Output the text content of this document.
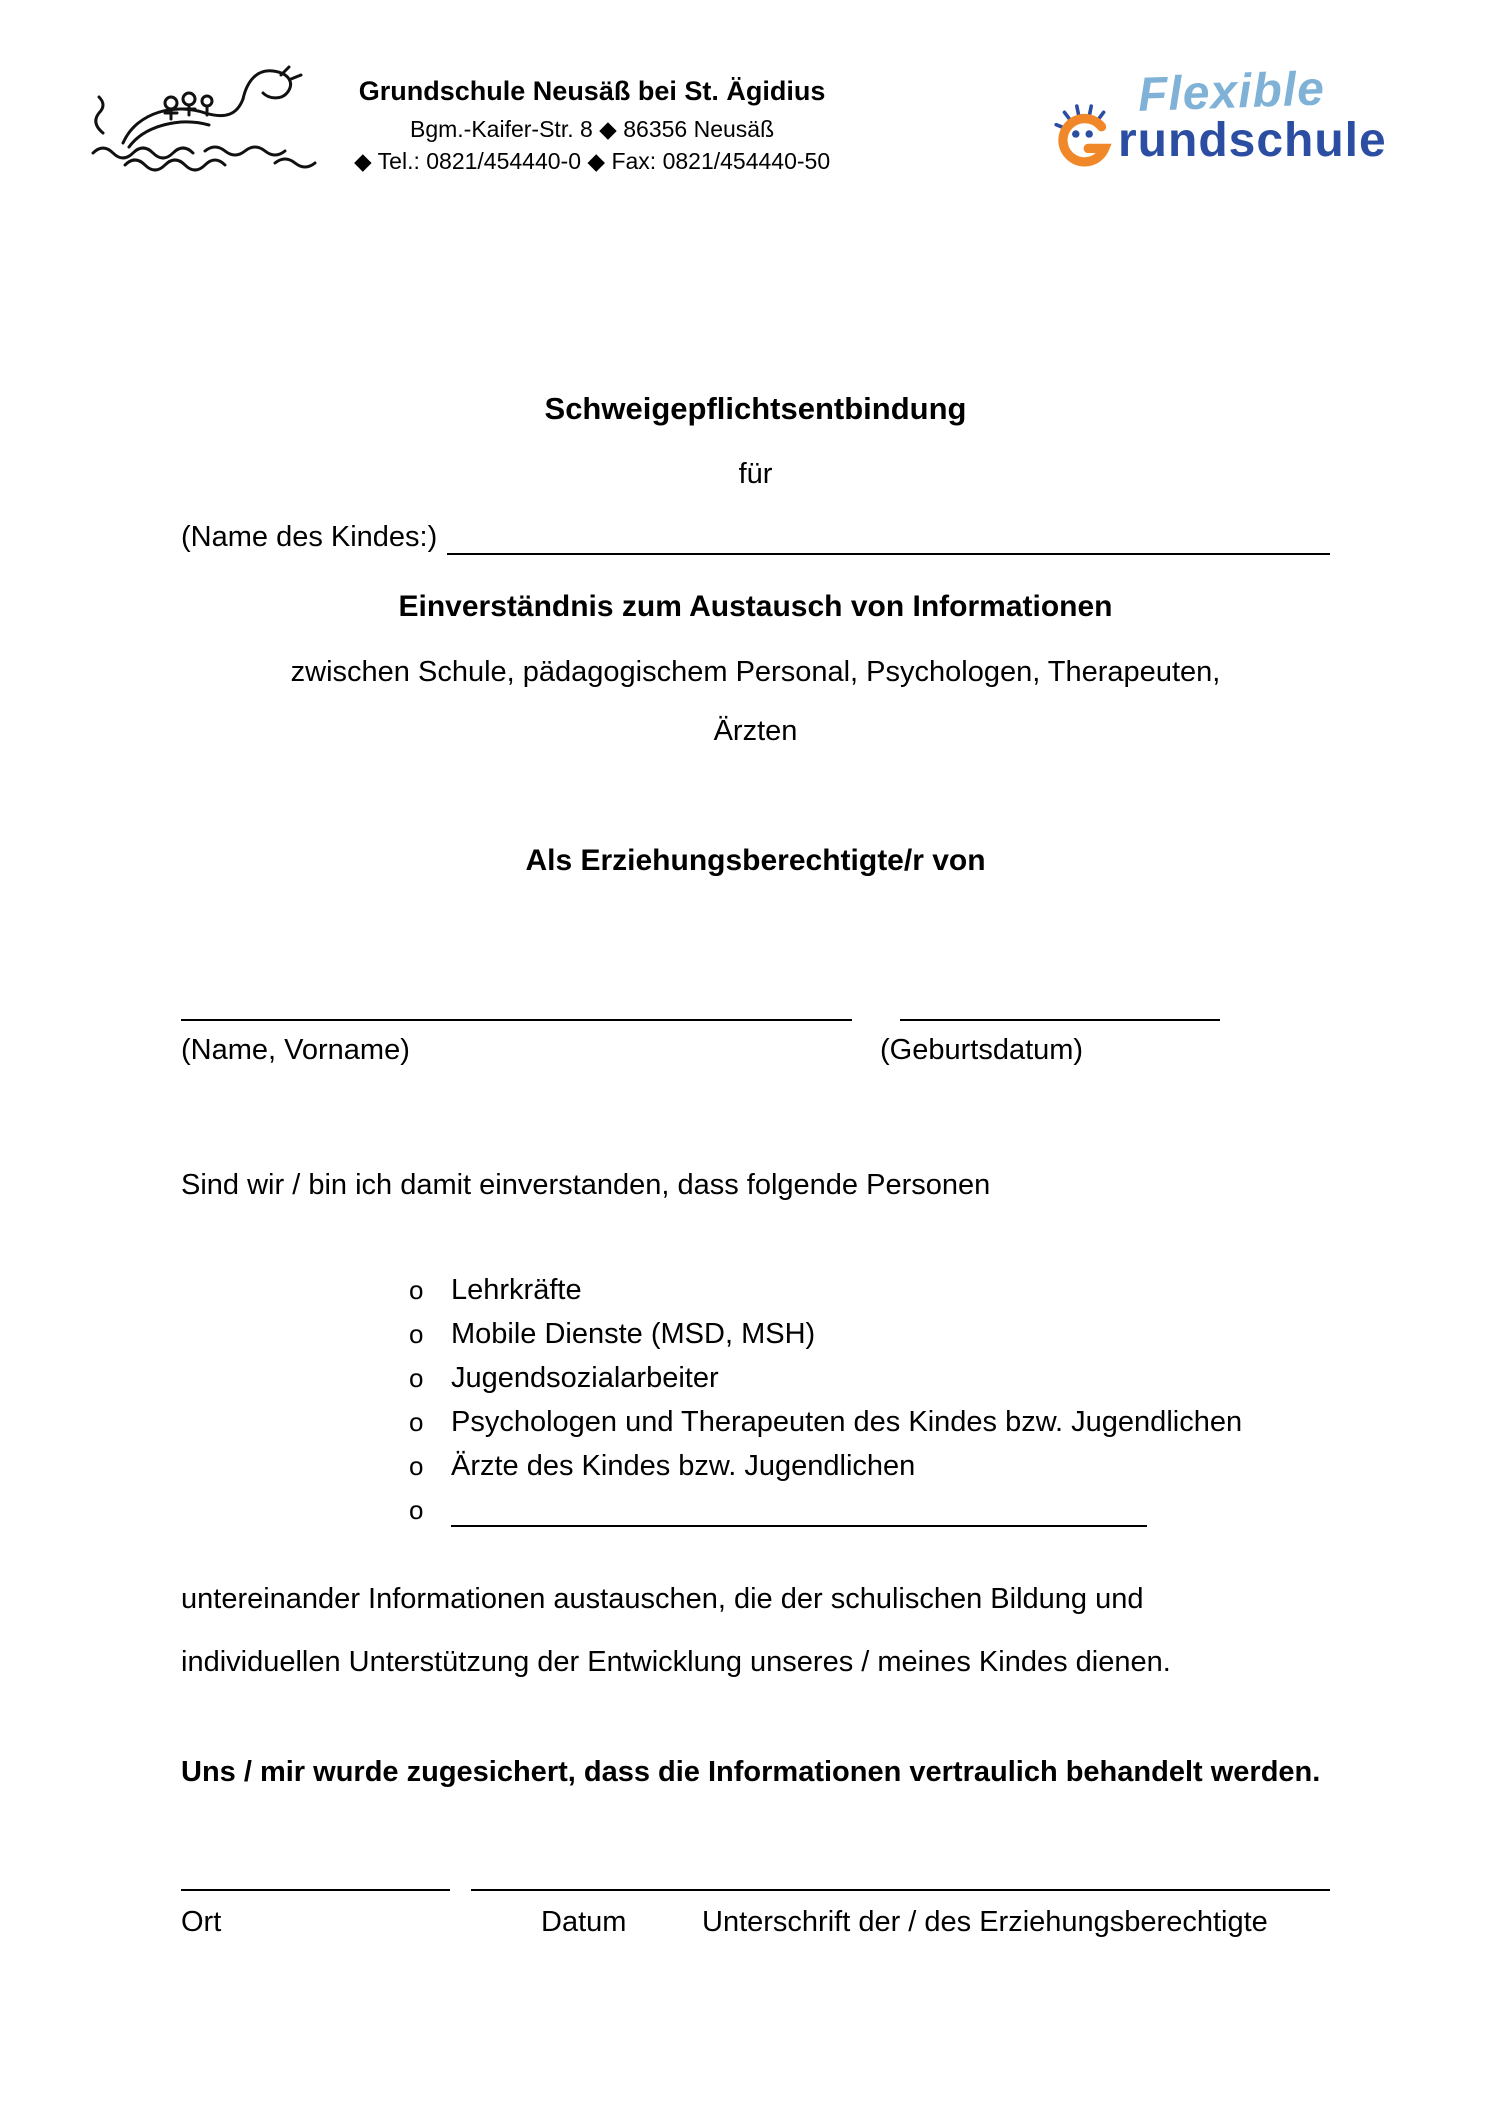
Grundschule Neusäß bei St. Ägidius
Bgm.-Kaifer-Str. 8 ◆ 86356 Neusäß
◆ Tel.: 0821/454440-0 ◆ Fax: 0821/454440-50
Flexible
rundschule
Schweigepflichtsentbindung
für
(Name des Kindes:)
Einverständnis zum Austausch von Informationen
zwischen Schule, pädagogischem Personal, Psychologen, Therapeuten,
Ärzten
Als Erziehungsberechtigte/r von
(Name, Vorname)	(Geburtsdatum)
Sind wir / bin ich damit einverstanden, dass folgende Personen
o Lehrkräfte
o Mobile Dienste (MSD, MSH)
o Jugendsozialarbeiter
o Psychologen und Therapeuten des Kindes bzw. Jugendlichen
o Ärzte des Kindes bzw. Jugendlichen
o
untereinander Informationen austauschen, die der schulischen Bildung und
individuellen Unterstützung der Entwicklung unseres / meines Kindes dienen.
Uns / mir wurde zugesichert, dass die Informationen vertraulich behandelt werden.
Ort	Datum	Unterschrift der / des Erziehungsberechtigte
